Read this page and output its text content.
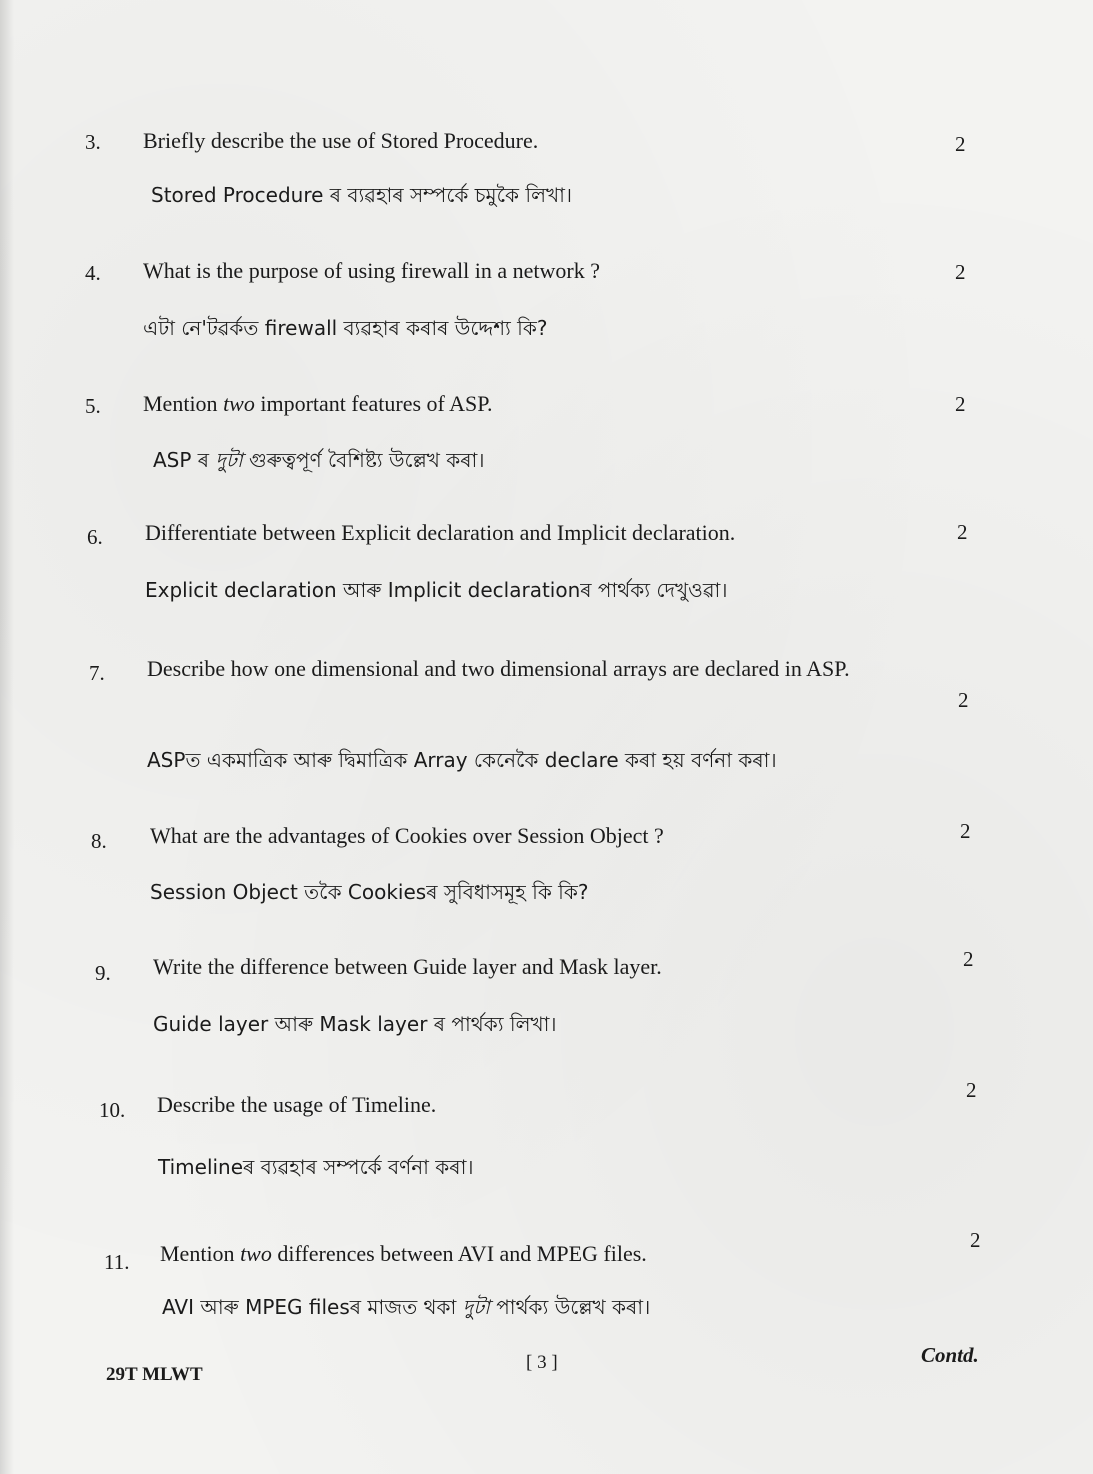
3. Briefly describe the use of Stored Procedure.	2
Stored Procedure ৰ ব্যৱহাৰ সম্পৰ্কে চমুকৈ লিখা।
4. What is the purpose of using firewall in a network ?	2
এটা নে'টৱৰ্কত firewall ব্যৱহাৰ কৰাৰ উদ্দেশ্য কি?
5. Mention two important features of ASP.	2
ASP ৰ দুটা গুৰুত্বপূৰ্ণ বৈশিষ্ট্য উল্লেখ কৰা।
6. Differentiate between Explicit declaration and Implicit declaration.	2
Explicit declaration আৰু Implicit declarationৰ পাৰ্থক্য দেখুওৱা।
7. Describe how one dimensional and two dimensional arrays are declared in ASP.
2
ASPত একমাত্রিক আৰু দ্বিমাত্রিক Array কেনেকৈ declare কৰা হয় বৰ্ণনা কৰা।
8. What are the advantages of Cookies over Session Object ?	2
Session Object তকৈ Cookiesৰ সুবিধাসমূহ কি কি?
9. Write the difference between Guide layer and Mask layer.	2
Guide layer আৰু Mask layer ৰ পাৰ্থক্য লিখা।
10. Describe the usage of Timeline.
2
Timelineৰ ব্যৱহাৰ সম্পৰ্কে বৰ্ণনা কৰা।
11. Mention two differences between AVI and MPEG files.
2
AVI আৰু MPEG filesৰ মাজত থকা দুটা পাৰ্থক্য উল্লেখ কৰা।
29T MLWT
[ 3 ]	Contd.
